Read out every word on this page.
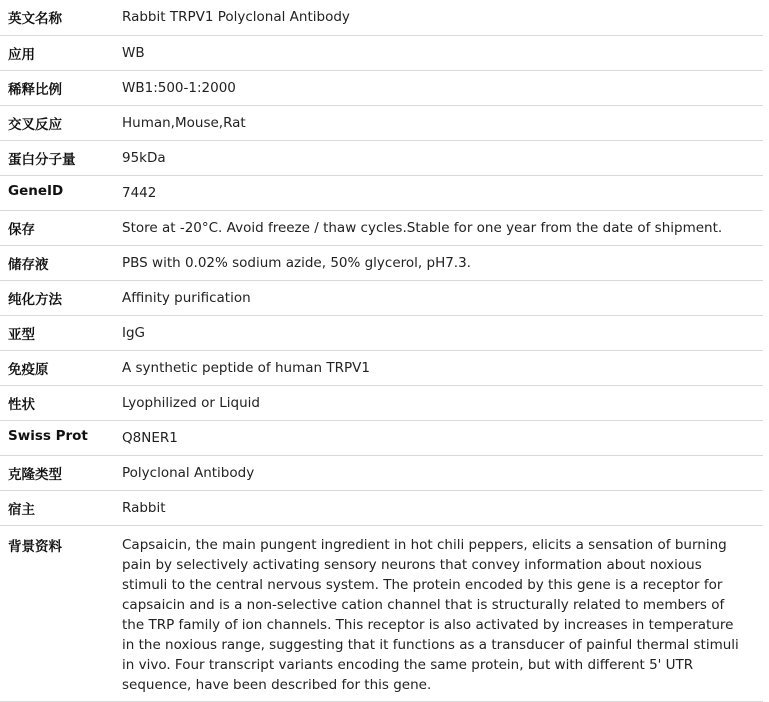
英文名称	Rabbit TRPV1 Polyclonal Antibody
应用	WB
稀释比例	WB1:500-1:2000
交叉反应	Human,Mouse,Rat
蛋白分子量	95kDa
GeneID	7442
保存	Store at -20°C. Avoid freeze / thaw cycles.Stable for one year from the date of shipment.
储存液	PBS with 0.02% sodium azide, 50% glycerol, pH7.3.
纯化方法	Affinity purification
亚型	IgG
免疫原	A synthetic peptide of human TRPV1
性状	Lyophilized or Liquid
Swiss Prot	Q8NER1
克隆类型	Polyclonal Antibody
宿主	Rabbit
背景资料	Capsaicin, the main pungent ingredient in hot chili peppers, elicits a sensation of burning pain by selectively activating sensory neurons that convey information about noxious stimuli to the central nervous system. The protein encoded by this gene is a receptor for capsaicin and is a non-selective cation channel that is structurally related to members of the TRP family of ion channels. This receptor is also activated by increases in temperature in the noxious range, suggesting that it functions as a transducer of painful thermal stimuli in vivo. Four transcript variants encoding the same protein, but with different 5' UTR sequence, have been described for this gene.
